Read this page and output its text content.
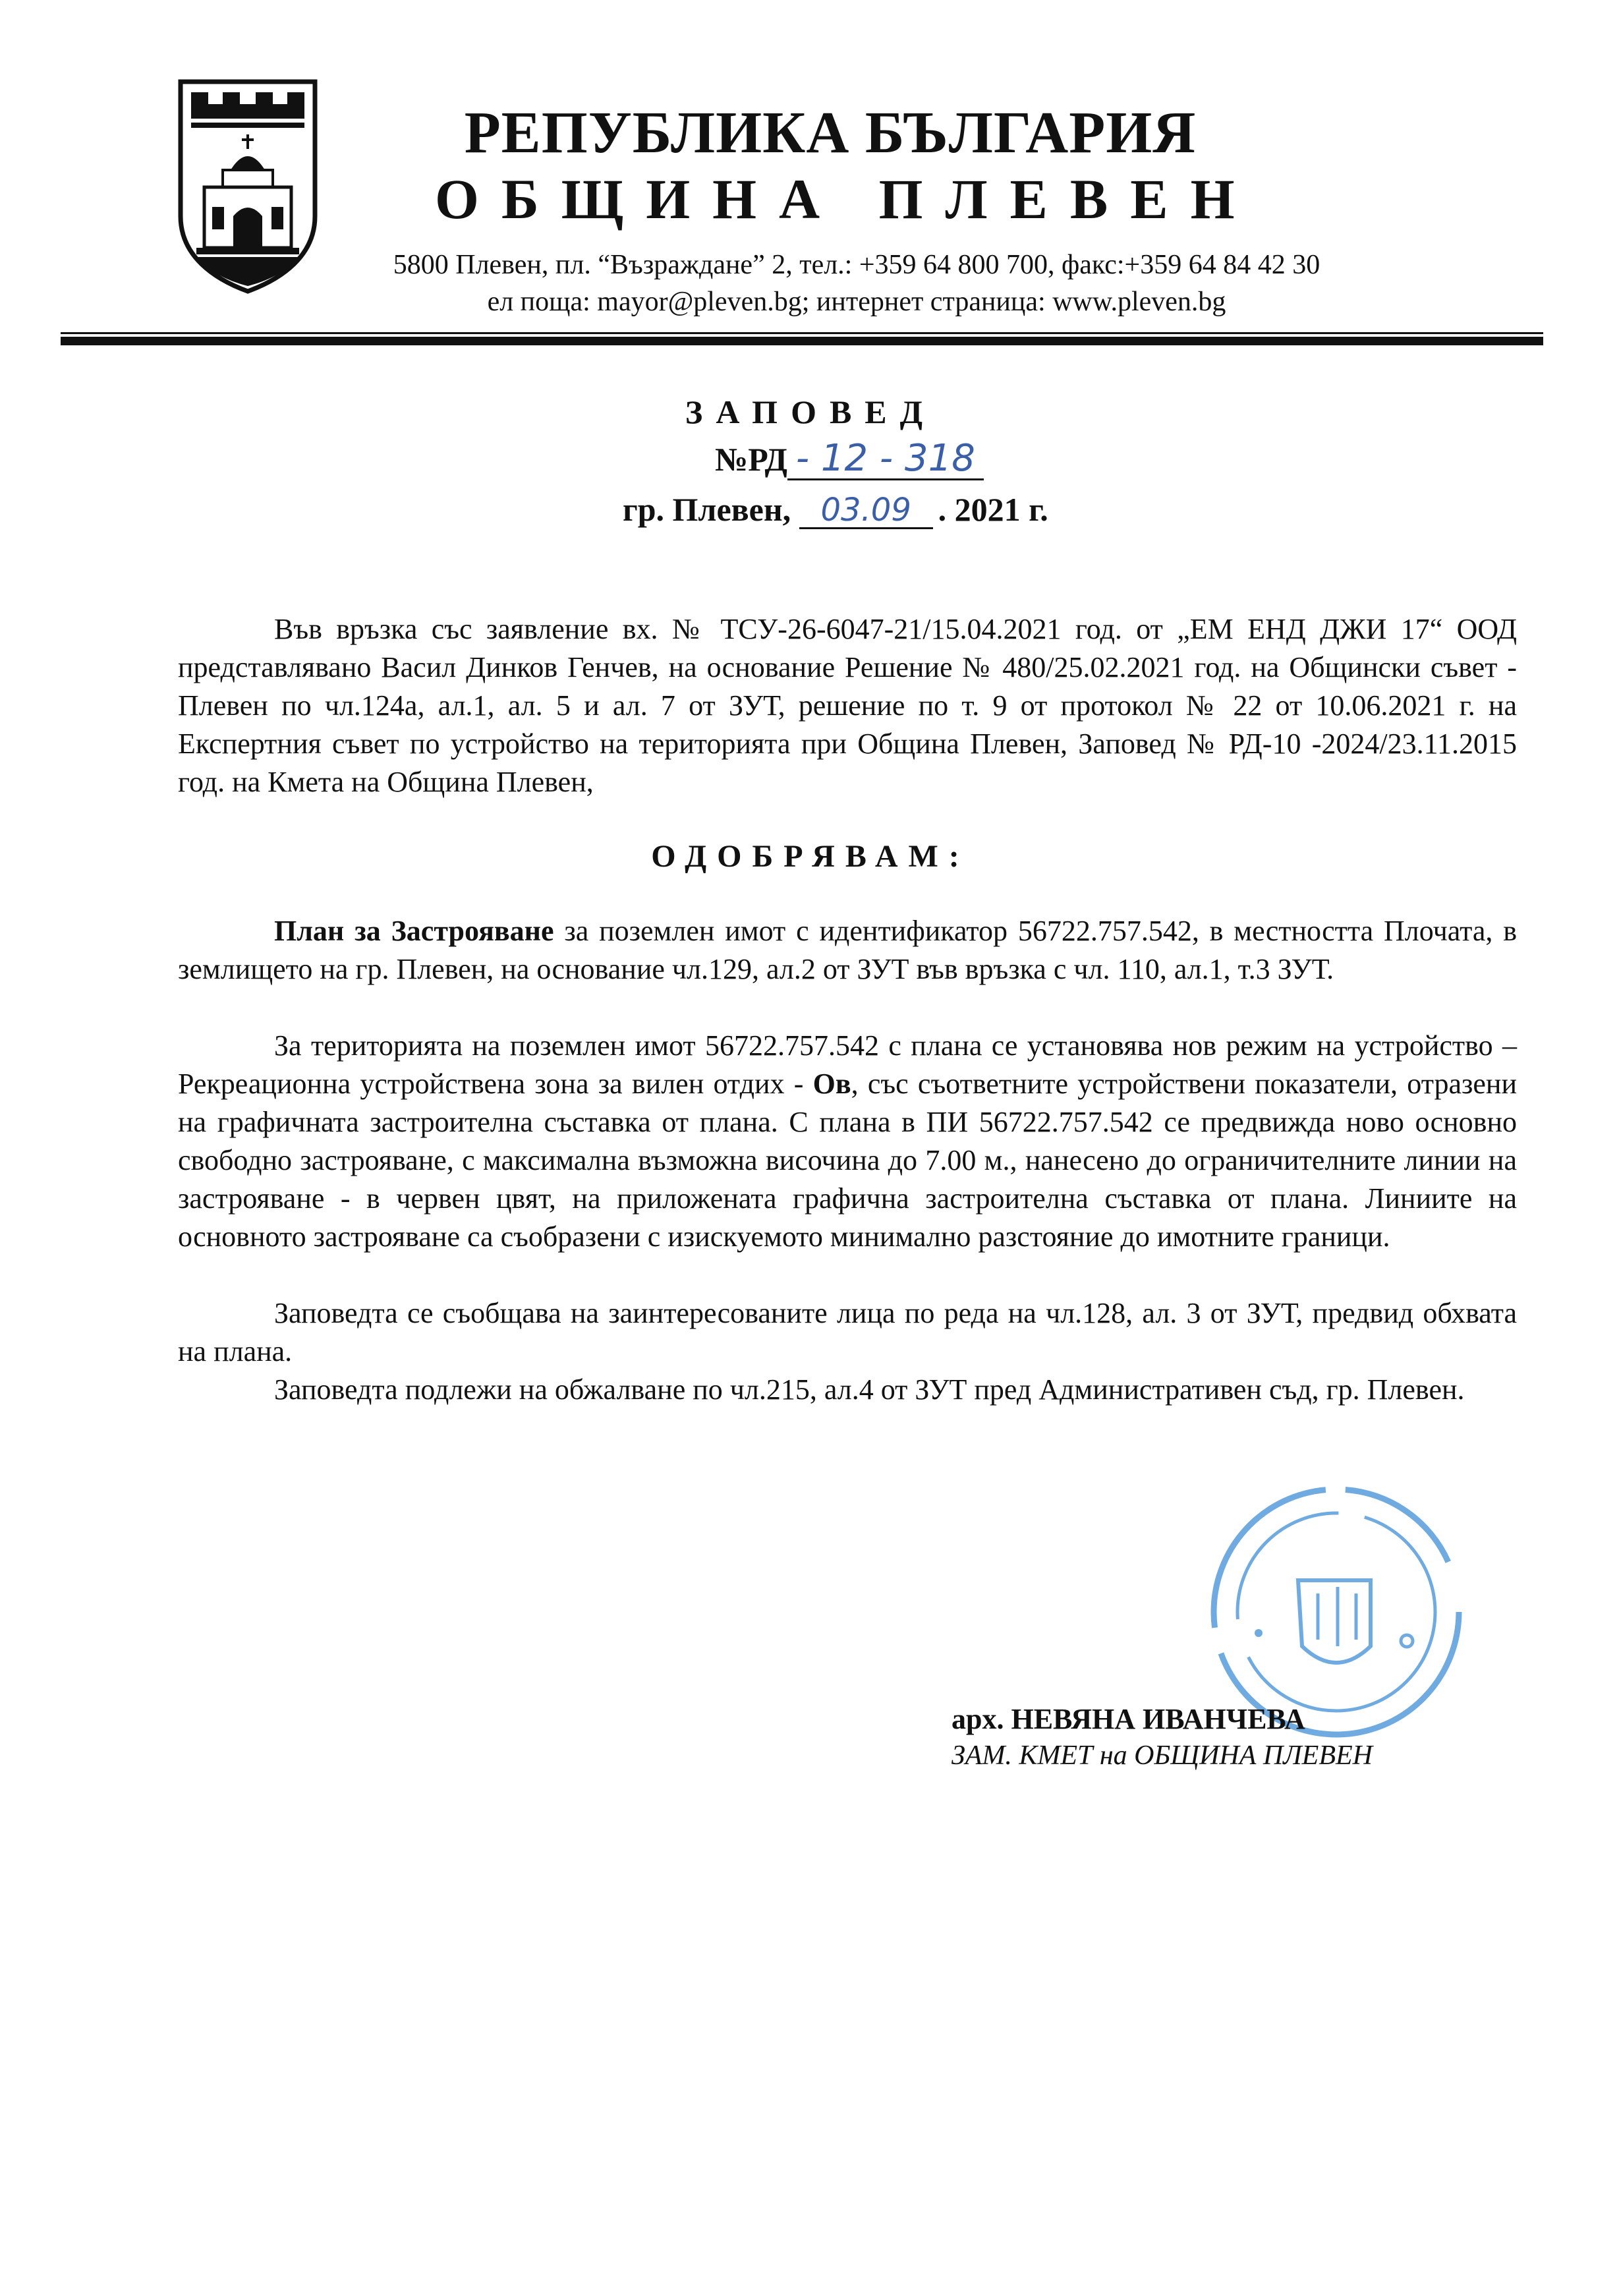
РЕПУБЛИКА БЪЛГАРИЯ
ОБЩИНА ПЛЕВЕН
5800 Плевен, пл. “Възраждане” 2, тел.: +359 64 800 700, факс:+359 64 84 42 30
ел поща: mayor@pleven.bg; интернет страница: www.pleven.bg
ЗАПОВЕД
№РД - 12 - 318
гр. Плевен, 03.09 . 2021 г.
Във връзка със заявление вх. № ТСУ-26-6047-21/15.04.2021 год. от „ЕМ ЕНД ДЖИ 17“ ООД представлявано Васил Динков Генчев, на основание Решение № 480/25.02.2021 год. на Общински съвет - Плевен по чл.124а, ал.1, ал. 5 и ал. 7 от ЗУТ, решение по т. 9 от протокол № 22 от 10.06.2021 г. на Експертния съвет по устройство на територията при Община Плевен, Заповед № РД-10 -2024/23.11.2015 год. на Кмета на Община Плевен,
ОДОБРЯВАМ:
План за Застрояване за поземлен имот с идентификатор 56722.757.542, в местността Плочата, в землището на гр. Плевен, на основание чл.129, ал.2 от ЗУТ във връзка с чл. 110, ал.1, т.3 ЗУТ.
За територията на поземлен имот 56722.757.542 с плана се установява нов режим на устройство – Рекреационна устройствена зона за вилен отдих - Ов, със съответните устройствени показатели, отразени на графичната застроителна съставка от плана. С плана в ПИ 56722.757.542 се предвижда ново основно свободно застрояване, с максимална възможна височина до 7.00 м., нанесено до ограничителните линии на застрояване - в червен цвят, на приложената графична застроителна съставка от плана. Линиите на основното застрояване са съобразени с изискуемото минимално разстояние до имотните граници.
Заповедта се съобщава на заинтересованите лица по реда на чл.128, ал. 3 от ЗУТ, предвид обхвата на плана.
Заповедта подлежи на обжалване по чл.215, ал.4 от ЗУТ пред Административен съд, гр. Плевен.
арх. НЕВЯНА ИВАНЧЕВА
ЗАМ. КМЕТ на ОБЩИНА ПЛЕВЕН
